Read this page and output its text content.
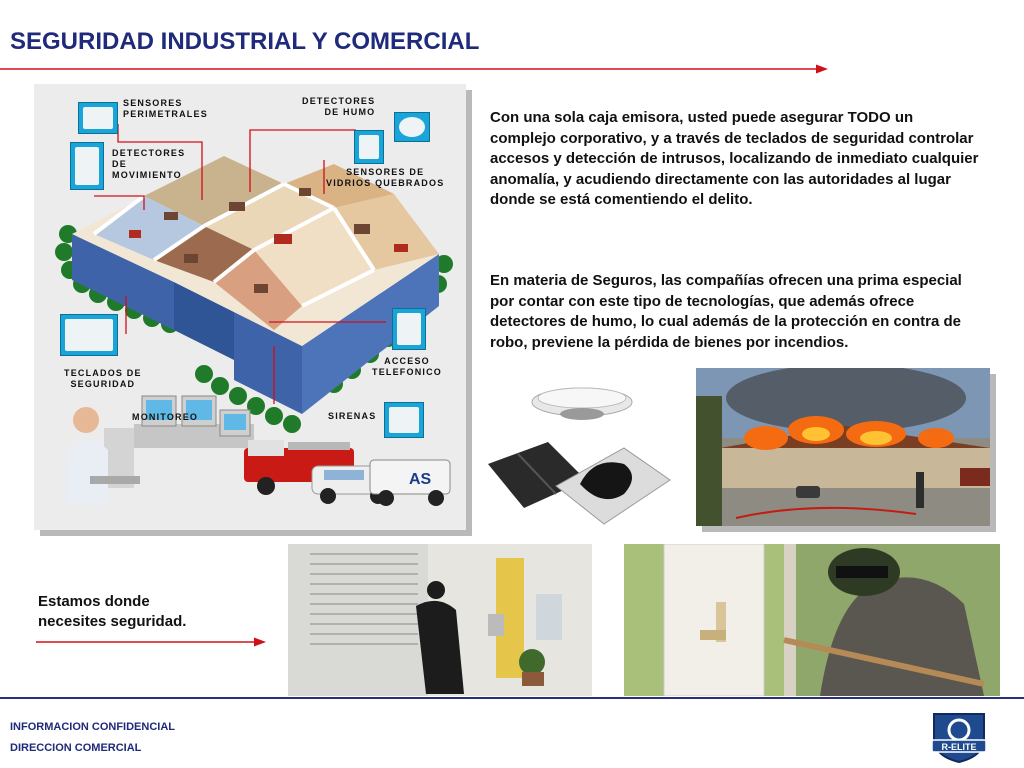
SEGURIDAD INDUSTRIAL Y COMERCIAL
AS
SENSORES
PERIMETRALES
DETECTORES
DE HUMO
DETECTORES
DE
MOVIMIENTO	SENSORES DE
VIDRIOS QUEBRADOS
ACCESO
TELEFONICO
TECLADOS DE
SEGURIDAD
MONITOREO	SIRENAS

Con una sola caja emisora, usted puede asegurar TODO un complejo corporativo, y a través de teclados de seguridad controlar accesos y detección de intrusos, localizando de inmediato cualquier anomalía, y acudiendo directamente con las autoridades al lugar donde se está comentiendo el delito.

En materia de Seguros, las compañías ofrecen una prima especial por contar con este tipo de tecnologías, que además ofrece detectores de humo, lo cual además de la protección en contra de robo, previene la pérdida de bienes por incendios.

Estamos donde
necesites seguridad.

INFORMACION CONFIDENCIAL

DIRECCION COMERCIAL	R-ELITE
